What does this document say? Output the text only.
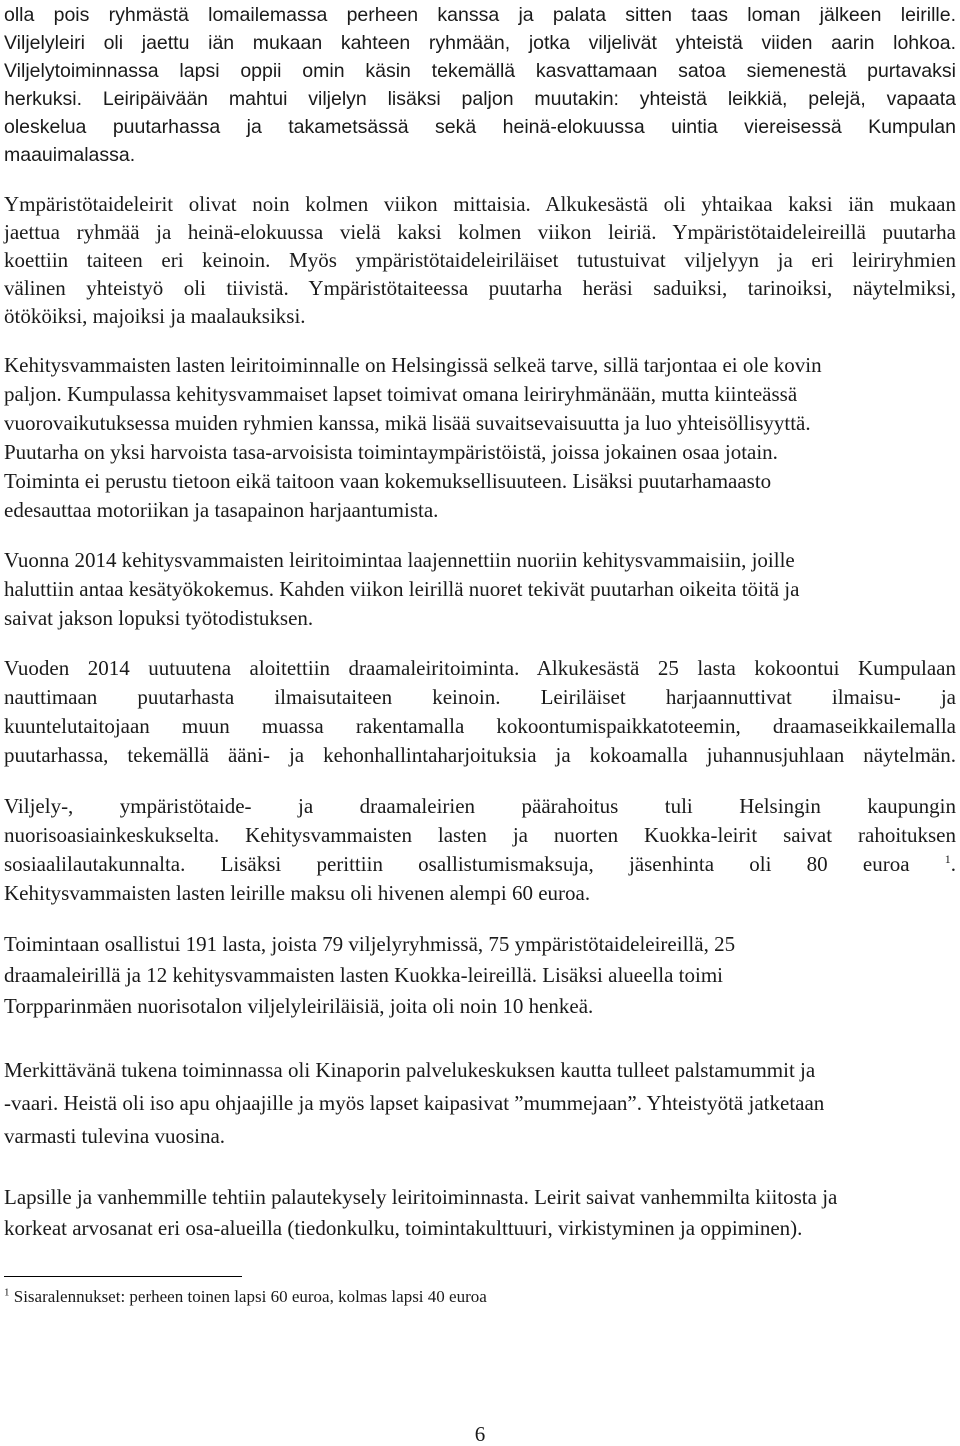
olla pois ryhmästä lomailemassa perheen kanssa ja palata sitten taas loman jälkeen leirille.
Viljelyleiri oli jaettu iän mukaan kahteen ryhmään, jotka viljelivät yhteistä viiden aarin lohkoa.
Viljelytoiminnassa lapsi oppii omin käsin tekemällä kasvattamaan satoa siemenestä purtavaksi
herkuksi. Leiripäivään mahtui viljelyn lisäksi paljon muutakin: yhteistä leikkiä, pelejä, vapaata
oleskelua puutarhassa ja takametsässä sekä heinä-elokuussa uintia viereisessä Kumpulan
maauimalassa.
Ympäristötaideleirit olivat noin kolmen viikon mittaisia. Alkukesästä oli yhtaikaa kaksi iän mukaan
jaettua ryhmää ja heinä-elokuussa vielä kaksi kolmen viikon leiriä. Ympäristötaideleireillä puutarha
koettiin taiteen eri keinoin. Myös ympäristötaideleiriläiset tutustuivat viljelyyn ja eri leiriryhmien
välinen yhteistyö oli tiivistä. Ympäristötaiteessa puutarha heräsi saduiksi, tarinoiksi, näytelmiksi,
ötököiksi, majoiksi ja maalauksiksi.
Kehitysvammaisten lasten leiritoiminnalle on Helsingissä selkeä tarve, sillä tarjontaa ei ole kovin
paljon. Kumpulassa kehitysvammaiset lapset toimivat omana leiriryhmänään, mutta kiinteässä
vuorovaikutuksessa muiden ryhmien kanssa, mikä lisää suvaitsevaisuutta ja luo yhteisöllisyyttä.
Puutarha on yksi harvoista tasa-arvoisista toimintaympäristöistä, joissa jokainen osaa jotain.
Toiminta ei perustu tietoon eikä taitoon vaan kokemuksellisuuteen. Lisäksi puutarhamaasto
edesauttaa motoriikan ja tasapainon harjaantumista.
Vuonna 2014 kehitysvammaisten leiritoimintaa laajennettiin nuoriin kehitysvammaisiin, joille
haluttiin antaa kesätyökokemus. Kahden viikon leirillä nuoret tekivät puutarhan oikeita töitä ja
saivat jakson lopuksi työtodistuksen.
Vuoden 2014 uutuutena aloitettiin draamaleiritoiminta. Alkukesästä 25 lasta kokoontui Kumpulaan
nauttimaan puutarhasta ilmaisutaiteen keinoin. Leiriläiset harjaannuttivat ilmaisu- ja
kuuntelutaitojaan muun muassa rakentamalla kokoontumispaikkatoteemin, draamaseikkailemalla
puutarhassa, tekemällä ääni- ja kehonhallintaharjoituksia ja kokoamalla juhannusjuhlaan näytelmän.
Viljely-, ympäristötaide- ja draamaleirien päärahoitus tuli Helsingin kaupungin
nuorisoasiainkeskukselta. Kehitysvammaisten lasten ja nuorten Kuokka-leirit saivat rahoituksen
sosiaalilautakunnalta. Lisäksi perittiin osallistumismaksuja, jäsenhinta oli 80 euroa	$^1$.
Kehitysvammaisten lasten leirille maksu oli hivenen alempi 60 euroa.
Toimintaan osallistui 191 lasta, joista 79 viljelyryhmissä, 75 ympäristötaideleireillä, 25
draamaleirillä ja 12 kehitysvammaisten lasten Kuokka-leireillä. Lisäksi alueella toimi
Torpparinmäen nuorisotalon viljelyleiriläisiä, joita oli noin 10 henkeä.
Merkittävänä tukena toiminnassa oli Kinaporin palvelukeskuksen kautta tulleet palstamummit ja
-vaari. Heistä oli iso apu ohjaajille ja myös lapset kaipasivat ”mummejaan”. Yhteistyötä jatketaan
varmasti tulevina vuosina.
Lapsille ja vanhemmille tehtiin palautekysely leiritoiminnasta. Leirit saivat vanhemmilta kiitosta ja
korkeat arvosanat eri osa-alueilla (tiedonkulku, toimintakulttuuri, virkistyminen ja oppiminen).
$^1$ Sisaralennukset: perheen toinen lapsi 60 euroa, kolmas lapsi 40 euroa
6
